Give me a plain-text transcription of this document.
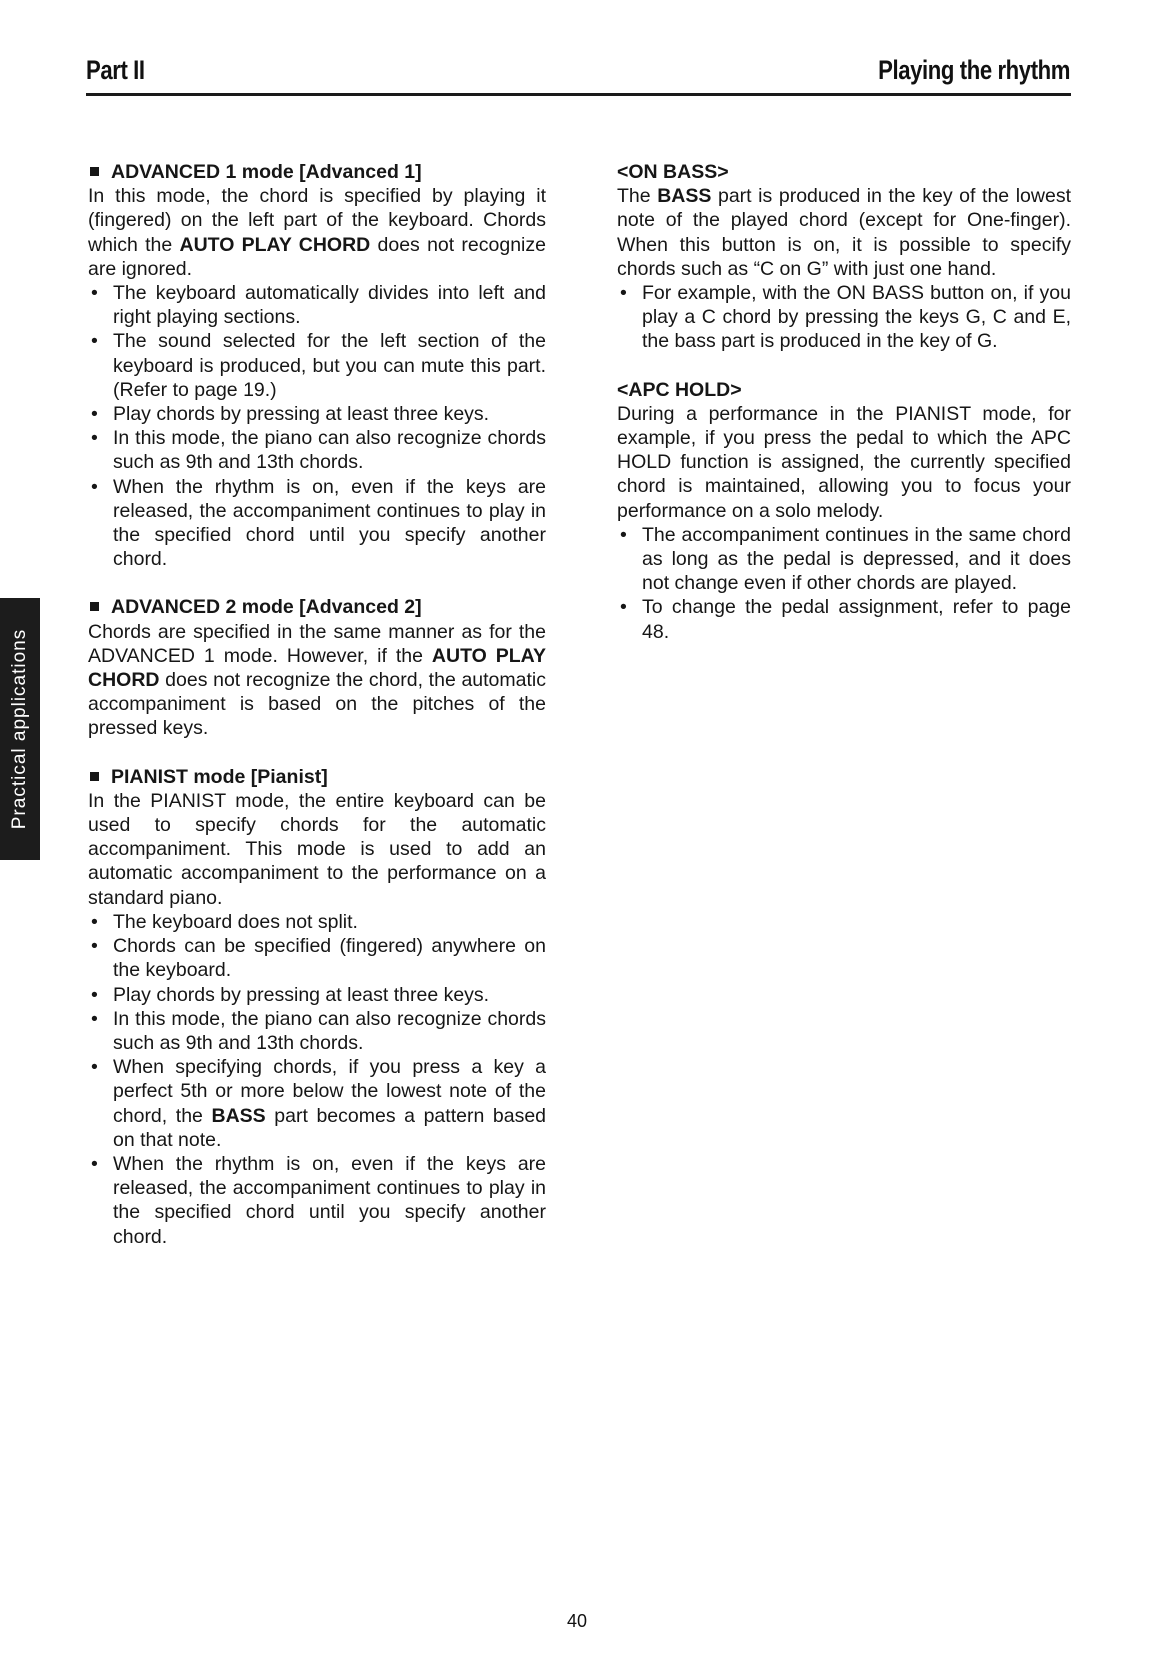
Part II	Playing the rhythm
Practical applications
ADVANCED 1 mode [Advanced 1]

In this mode, the chord is specified by playing it (fingered) on the left part of the keyboard. Chords which the AUTO PLAY CHORD does not recognize are ignored.

• The keyboard automatically divides into left and right playing sections.
• The sound selected for the left section of the keyboard is produced, but you can mute this part. (Refer to page 19.)
• Play chords by pressing at least three keys.
• In this mode, the piano can also recognize chords such as 9th and 13th chords.
• When the rhythm is on, even if the keys are released, the accompaniment continues to play in the specified chord until you specify another chord.
ADVANCED 2 mode [Advanced 2]

Chords are specified in the same manner as for the ADVANCED 1 mode. However, if the AUTO PLAY CHORD does not recognize the chord, the automatic accompaniment is based on the pitches of the pressed keys.

PIANIST mode [Pianist]

In the PIANIST mode, the entire keyboard can be used to specify chords for the automatic accompaniment. This mode is used to add an automatic accompaniment to the performance on a standard piano.

• The keyboard does not split.
• Chords can be specified (fingered) anywhere on the keyboard.
• Play chords by pressing at least three keys.
• In this mode, the piano can also recognize chords such as 9th and 13th chords.
• When specifying chords, if you press a key a perfect 5th or more below the lowest note of the chord, the BASS part becomes a pattern based on that note.
• When the rhythm is on, even if the keys are released, the accompaniment continues to play in the specified chord until you specify another chord.
<ON BASS>

The BASS part is produced in the key of the lowest note of the played chord (except for One-finger). When this button is on, it is possible to specify chords such as “C on G” with just one hand.

• For example, with the ON BASS button on, if you play a C chord by pressing the keys G, C and E, the bass part is produced in the key of G.
<APC HOLD>

During a performance in the PIANIST mode, for example, if you press the pedal to which the APC HOLD function is assigned, the currently specified chord is maintained, allowing you to focus your performance on a solo melody.

• The accompaniment continues in the same chord as long as the pedal is depressed, and it does not change even if other chords are played.
• To change the pedal assignment, refer to page 48.
40
